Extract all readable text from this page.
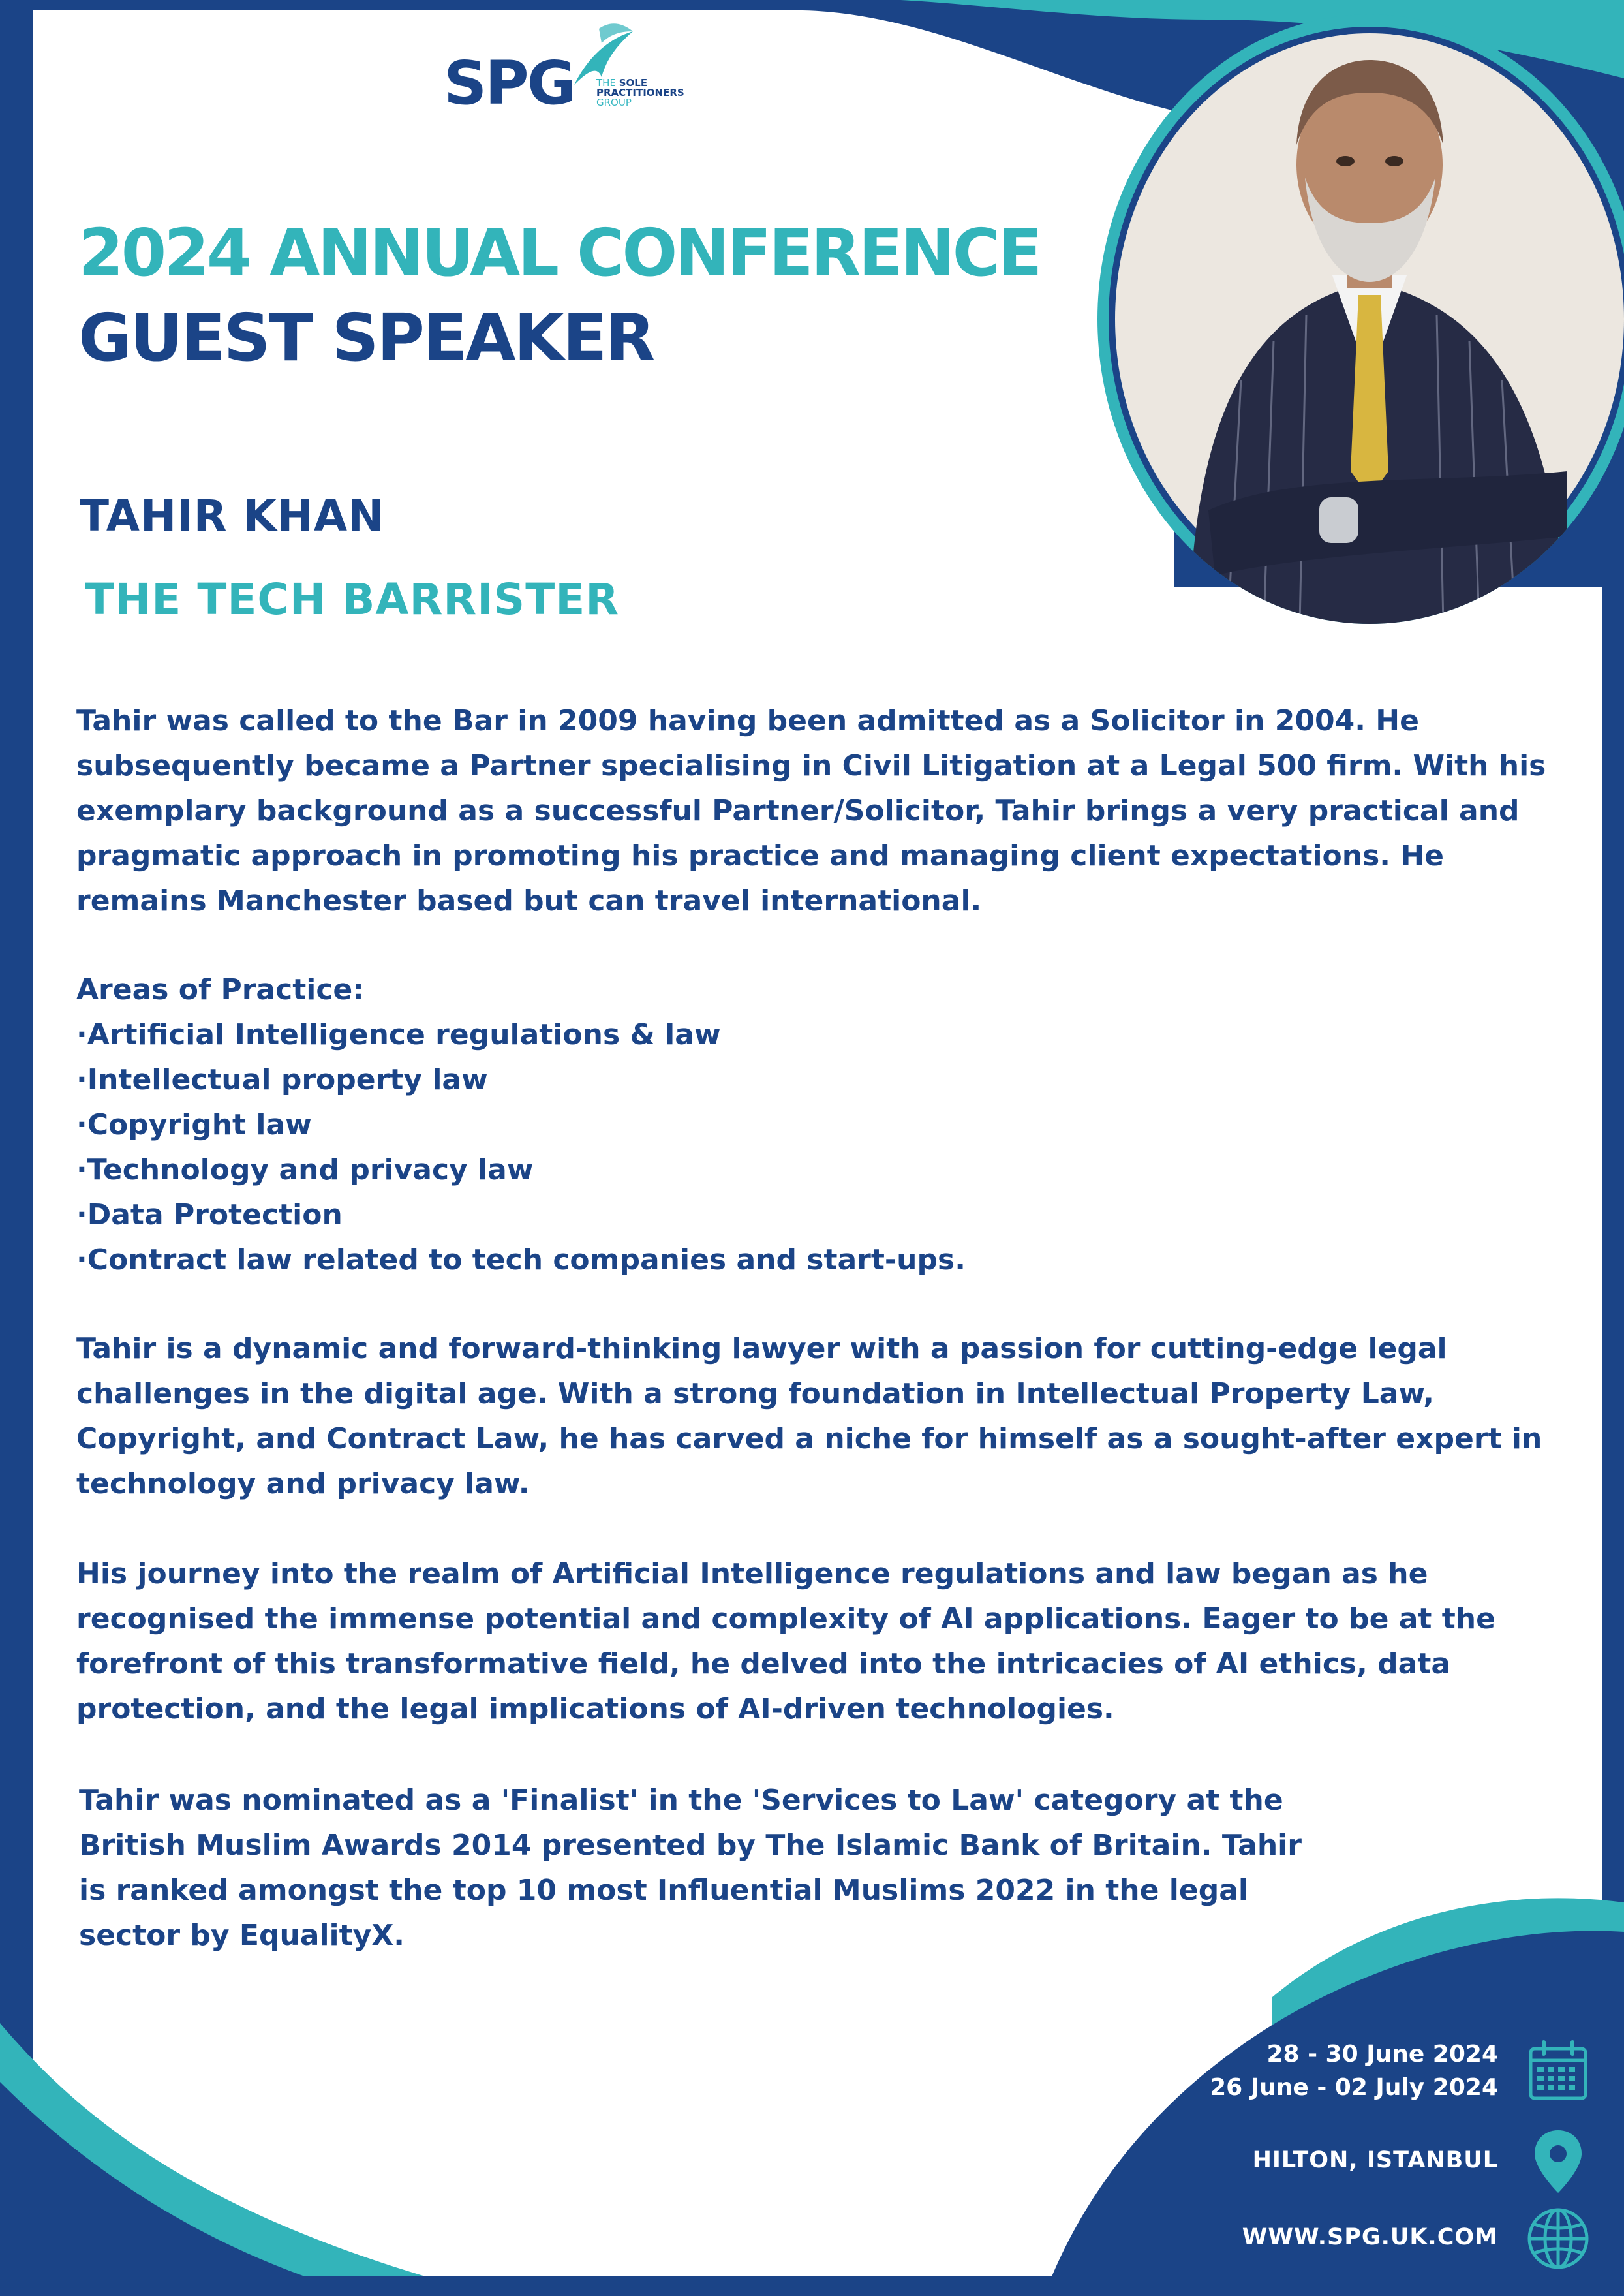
SPG THE SOLE
PRACTITIONERS
GROUP
2024 ANNUAL CONFERENCE
GUEST SPEAKER
TAHIR KHAN
THE TECH BARRISTER

Tahir was called to the Bar in 2009 having been admitted as a Solicitor in 2004. He subsequently became a Partner specialising in Civil Litigation at a Legal 500 firm. With his exemplary background as a successful Partner/Solicitor, Tahir brings a very practical and pragmatic approach in promoting his practice and managing client expectations. He remains Manchester based but can travel international.

Areas of Practice:
·Artificial Intelligence regulations & law
·Intellectual property law
·Copyright law
·Technology and privacy law
·Data Protection
·Contract law related to tech companies and start-ups.

Tahir is a dynamic and forward-thinking lawyer with a passion for cutting-edge legal challenges in the digital age. With a strong foundation in Intellectual Property Law, Copyright, and Contract Law, he has carved a niche for himself as a sought-after expert in technology and privacy law.

His journey into the realm of Artificial Intelligence regulations and law began as he recognised the immense potential and complexity of AI applications. Eager to be at the forefront of this transformative field, he delved into the intricacies of AI ethics, data protection, and the legal implications of AI-driven technologies.

Tahir was nominated as a 'Finalist' in the 'Services to Law' category at the British Muslim Awards 2014 presented by The Islamic Bank of Britain. Tahir is ranked amongst the top 10 most Influential Muslims 2022 in the legal sector by EqualityX.

28 - 30 June 2024
26 June - 02 July 2024
HILTON, ISTANBUL
WWW.SPG.UK.COM
